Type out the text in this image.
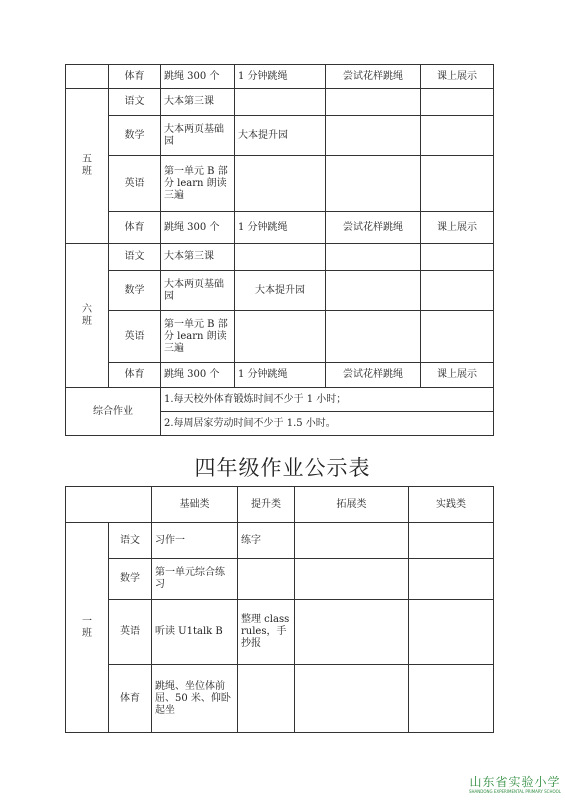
	体育	跳绳 300 个	1 分钟跳绳	尝试花样跳绳	课上展示

五
班	语文	大本第三课			
	数学	大本两页基础园	大本提升园		
	英语	第一单元 B 部分 learn 朗读三遍			
	体育	跳绳 300 个	1 分钟跳绳	尝试花样跳绳	课上展示

六
班	语文	大本第三课			
	数学	大本两页基础园	大本提升园		
	英语	第一单元 B 部分 learn 朗读三遍			
	体育	跳绳 300 个	1 分钟跳绳	尝试花样跳绳	课上展示
综合作业		1.每天校外体育锻炼时间不少于 1 小时；			
		2.每周居家劳动时间不少于 1.5 小时。			
四年级作业公示表
		基础类	提升类	拓展类	实践类

一
班	语文	习作一	练字		
	数学	第一单元综合练习			
	英语	听读 U1talk B	整理 class rules，手抄报		
	体育	跳绳、坐位体前屈、50 米、仰卧起坐			
山东省实验小学
SHANDONG EXPERIMENTAL PRIMARY SCHOOL
